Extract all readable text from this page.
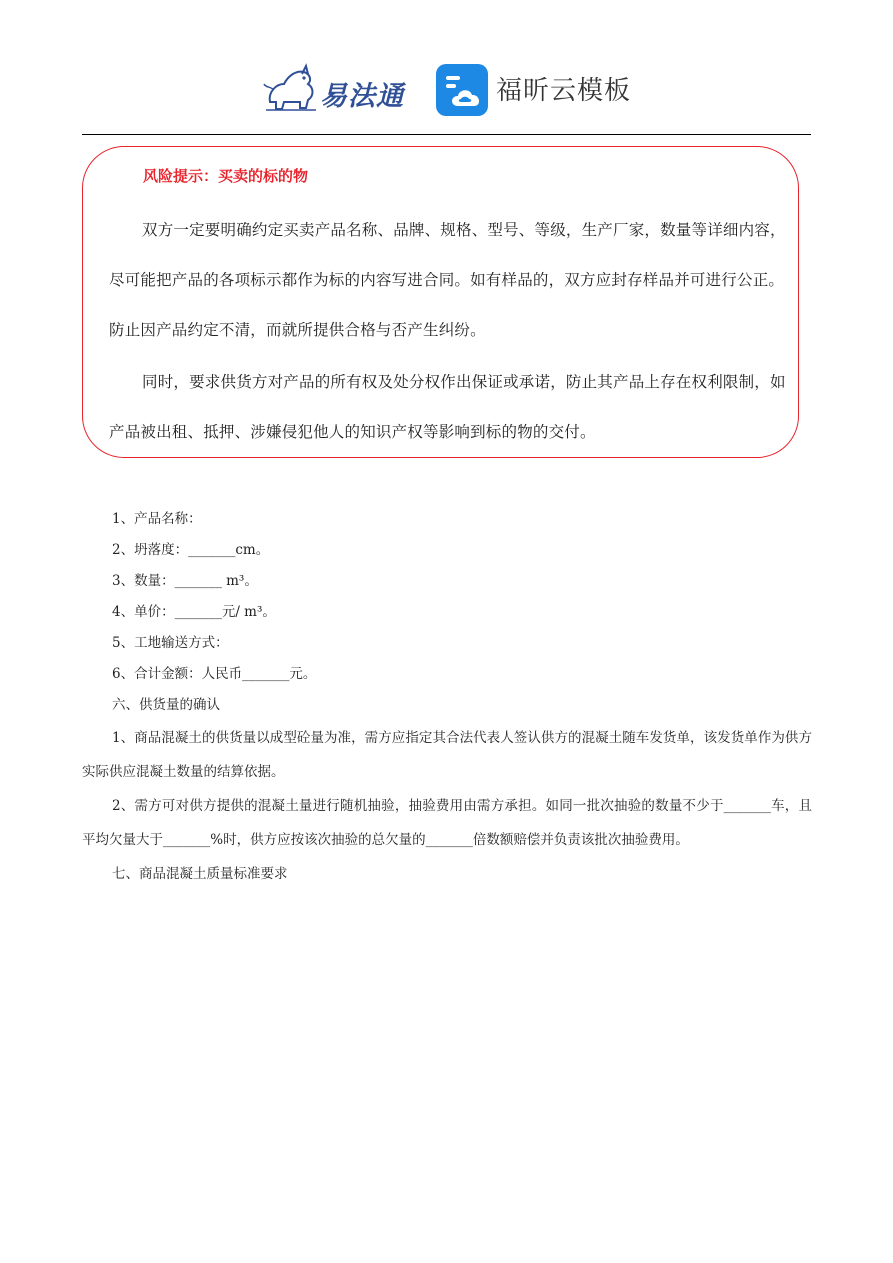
易法通	福昕云模板
风险提示：买卖的标的物

双方一定要明确约定买卖产品名称、品牌、规格、型号、等级，生产厂家，数量等详细内容，尽可能把产品的各项标示都作为标的内容写进合同。如有样品的，双方应封存样品并可进行公正。防止因产品约定不清，而就所提供合格与否产生纠纷。

同时，要求供货方对产品的所有权及处分权作出保证或承诺，防止其产品上存在权利限制，如产品被出租、抵押、涉嫌侵犯他人的知识产权等影响到标的物的交付。

1、产品名称：

2、坍落度：_______cm。

3、数量：_______ m³。

4、单价：_______元/ m³。

5、工地输送方式：

6、合计金额：人民币_______元。

六、供货量的确认

1、商品混凝土的供货量以成型砼量为准，需方应指定其合法代表人签认供方的混凝土随车发货单，该发货单作为供方实际供应混凝土数量的结算依据。

2、需方可对供方提供的混凝土量进行随机抽验，抽验费用由需方承担。如同一批次抽验的数量不少于_______车，且平均欠量大于_______%时，供方应按该次抽验的总欠量的_______倍数额赔偿并负责该批次抽验费用。

七、商品混凝土质量标准要求
